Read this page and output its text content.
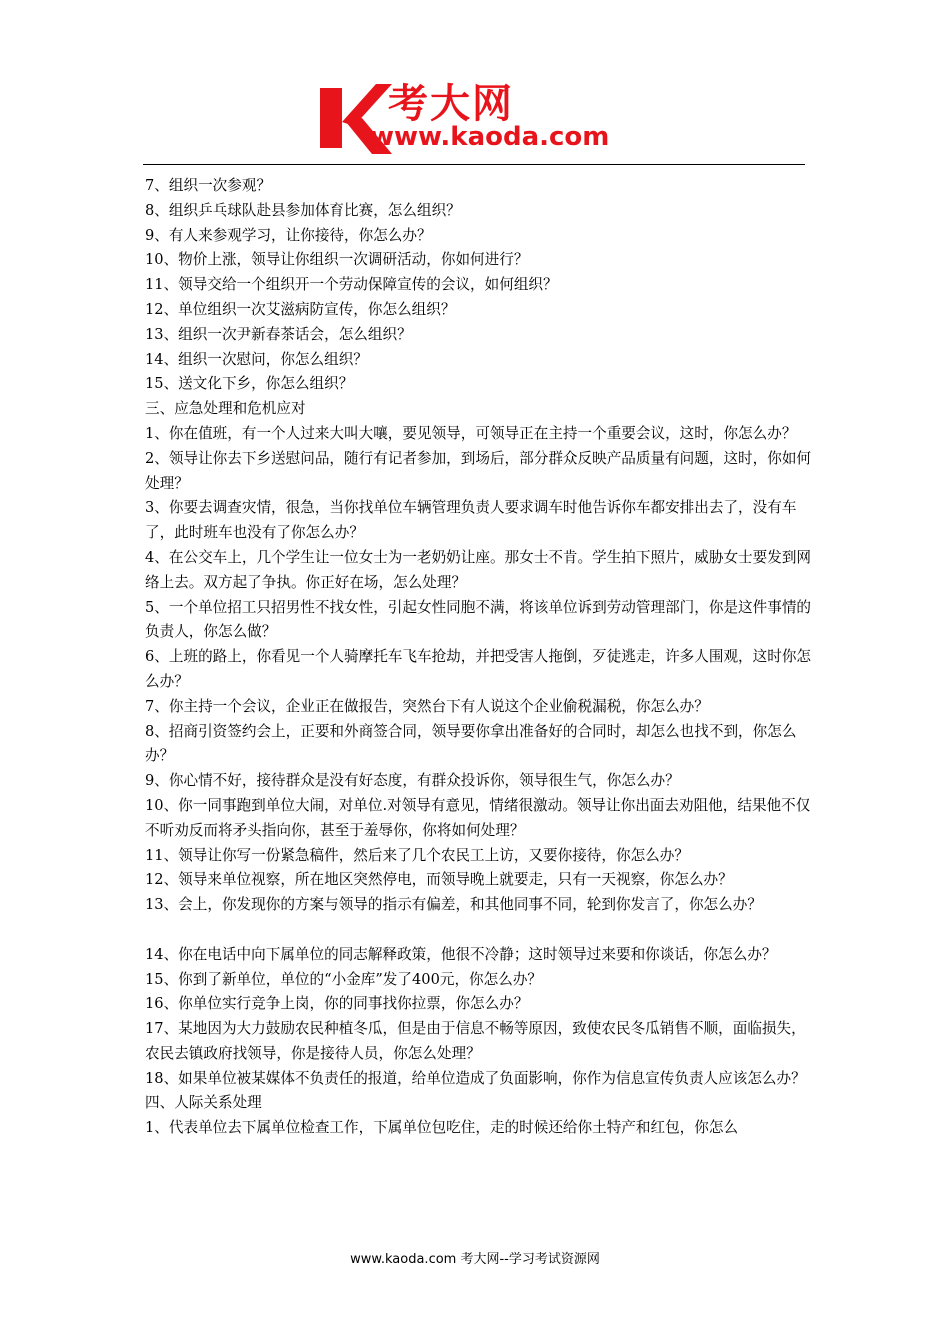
考大网
www.kaoda.com

7、组织一次参观？

8、组织乒乓球队赴县参加体育比赛，怎么组织？

9、有人来参观学习，让你接待，你怎么办？

10、物价上涨，领导让你组织一次调研活动，你如何进行？

11、领导交给一个组织开一个劳动保障宣传的会议，如何组织？

12、单位组织一次艾滋病防宣传，你怎么组织？

13、组织一次尹新春茶话会，怎么组织？

14、组织一次慰问，你怎么组织？

15、送文化下乡，你怎么组织？

三、应急处理和危机应对

1、你在值班，有一个人过来大叫大嚷，要见领导，可领导正在主持一个重要会议，这时，你怎么办？

2、领导让你去下乡送慰问品，随行有记者参加，到场后，部分群众反映产品质量有问题，这时，你如何处理？

3、你要去调查灾情，很急，当你找单位车辆管理负责人要求调车时他告诉你车都安排出去了，没有车了，此时班车也没有了你怎么办？

4、在公交车上，几个学生让一位女士为一老奶奶让座。那女士不肯。学生拍下照片，威胁女士要发到网络上去。双方起了争执。你正好在场，怎么处理？

5、一个单位招工只招男性不找女性，引起女性同胞不满，将该单位诉到劳动管理部门，你是这件事情的负责人，你怎么做？

6、上班的路上，你看见一个人骑摩托车飞车抢劫，并把受害人拖倒，歹徒逃走，许多人围观，这时你怎么办？

7、你主持一个会议，企业正在做报告，突然台下有人说这个企业偷税漏税，你怎么办？

8、招商引资签约会上，正要和外商签合同，领导要你拿出准备好的合同时，却怎么也找不到，你怎么办？

9、你心情不好，接待群众是没有好态度，有群众投诉你，领导很生气，你怎么办？

10、你一同事跑到单位大闹，对单位.对领导有意见，情绪很激动。领导让你出面去劝阻他，结果他不仅不听劝反而将矛头指向你，甚至于羞辱你，你将如何处理？

11、领导让你写一份紧急稿件，然后来了几个农民工上访，又要你接待，你怎么办？

12、领导来单位视察，所在地区突然停电，而领导晚上就要走，只有一天视察，你怎么办？

13、会上，你发现你的方案与领导的指示有偏差，和其他同事不同，轮到你发言了，你怎么办？

14、你在电话中向下属单位的同志解释政策，他很不冷静；这时领导过来要和你谈话，你怎么办？

15、你到了新单位，单位的“小金库”发了400元，你怎么办？

16、你单位实行竞争上岗，你的同事找你拉票，你怎么办？

17、某地因为大力鼓励农民种植冬瓜，但是由于信息不畅等原因，致使农民冬瓜销售不顺，面临损失，农民去镇政府找领导，你是接待人员，你怎么处理？

18、如果单位被某媒体不负责任的报道，给单位造成了负面影响，你作为信息宣传负责人应该怎么办？

四、人际关系处理

1、代表单位去下属单位检查工作，下属单位包吃住，走的时候还给你土特产和红包，你怎么

www.kaoda.com 考大网--学习考试资源网
